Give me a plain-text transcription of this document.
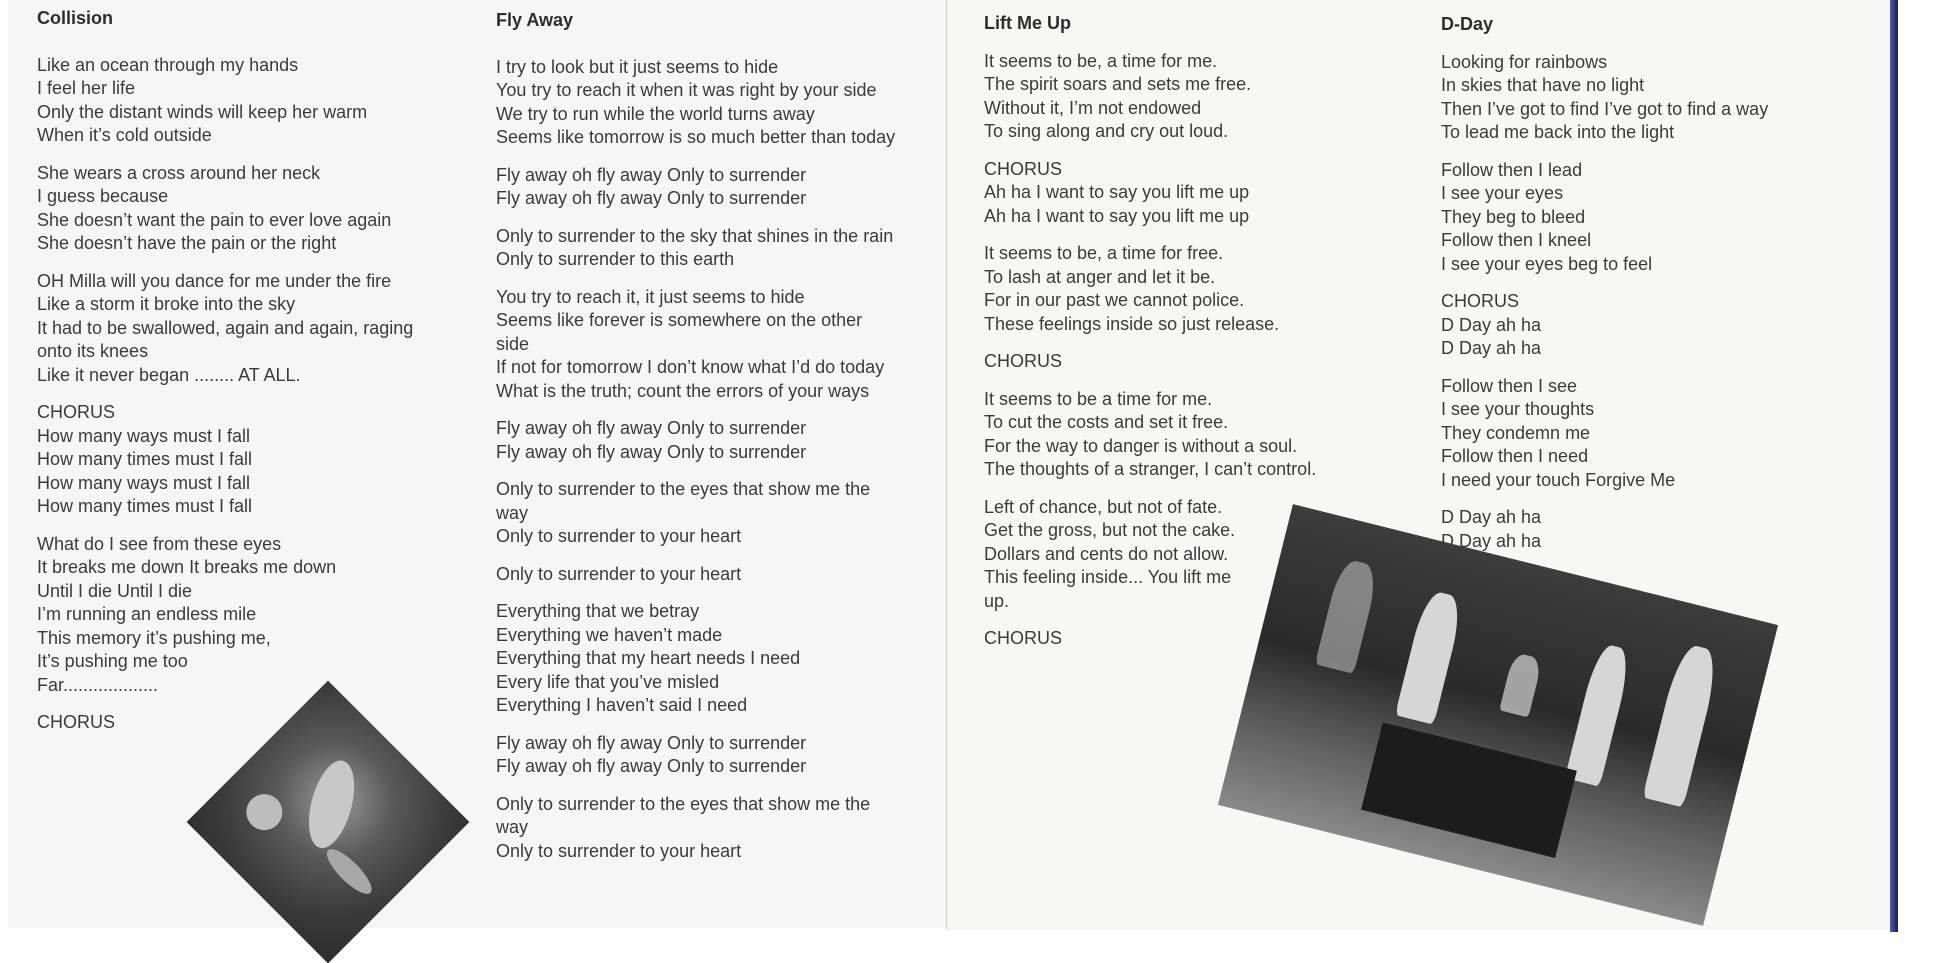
Collision
Like an ocean through my hands
I feel her life
Only the distant winds will keep her warm
When it’s cold outside
She wears a cross around her neck
I guess because
She doesn’t want the pain to ever love again
She doesn’t have the pain or the right
OH Milla will you dance for me under the fire
Like a storm it broke into the sky
It had to be swallowed, again and again, raging
onto its knees
Like it never began ........ AT ALL.
CHORUS
How many ways must I fall
How many times must I fall
How many ways must I fall
How many times must I fall
What do I see from these eyes
It breaks me down It breaks me down
Until I die Until I die
I’m running an endless mile
This memory it’s pushing me,
It’s pushing me too
Far...................
CHORUS
Fly Away
I try to look but it just seems to hide
You try to reach it when it was right by your side
We try to run while the world turns away
Seems like tomorrow is so much better than today
Fly away oh fly away Only to surrender
Fly away oh fly away Only to surrender
Only to surrender to the sky that shines in the rain
Only to surrender to this earth
You try to reach it, it just seems to hide
Seems like forever is somewhere on the other
side
If not for tomorrow I don’t know what I’d do today
What is the truth; count the errors of your ways
Fly away oh fly away Only to surrender
Fly away oh fly away Only to surrender
Only to surrender to the eyes that show me the
way
Only to surrender to your heart
Only to surrender to your heart
Everything that we betray
Everything we haven’t made
Everything that my heart needs I need
Every life that you’ve misled
Everything I haven’t said I need
Fly away oh fly away Only to surrender
Fly away oh fly away Only to surrender
Only to surrender to the eyes that show me the
way
Only to surrender to your heart
Lift Me Up
It seems to be, a time for me.
The spirit soars and sets me free.
Without it, I’m not endowed
To sing along and cry out loud.
CHORUS
Ah ha I want to say you lift me up
Ah ha I want to say you lift me up
It seems to be, a time for free.
To lash at anger and let it be.
For in our past we cannot police.
These feelings inside so just release.
CHORUS
It seems to be a time for me.
To cut the costs and set it free.
For the way to danger is without a soul.
The thoughts of a stranger, I can’t control.
Left of chance, but not of fate.
Get the gross, but not the cake.
Dollars and cents do not allow.
This feeling inside... You lift me
up.
CHORUS
D-Day
Looking for rainbows
In skies that have no light
Then I’ve got to find I’ve got to find a way
To lead me back into the light
Follow then I lead
I see your eyes
They beg to bleed
Follow then I kneel
I see your eyes beg to feel
CHORUS
D Day ah ha
D Day ah ha
Follow then I see
I see your thoughts
They condemn me
Follow then I need
I need your touch Forgive Me
D Day ah ha
D Day ah ha
